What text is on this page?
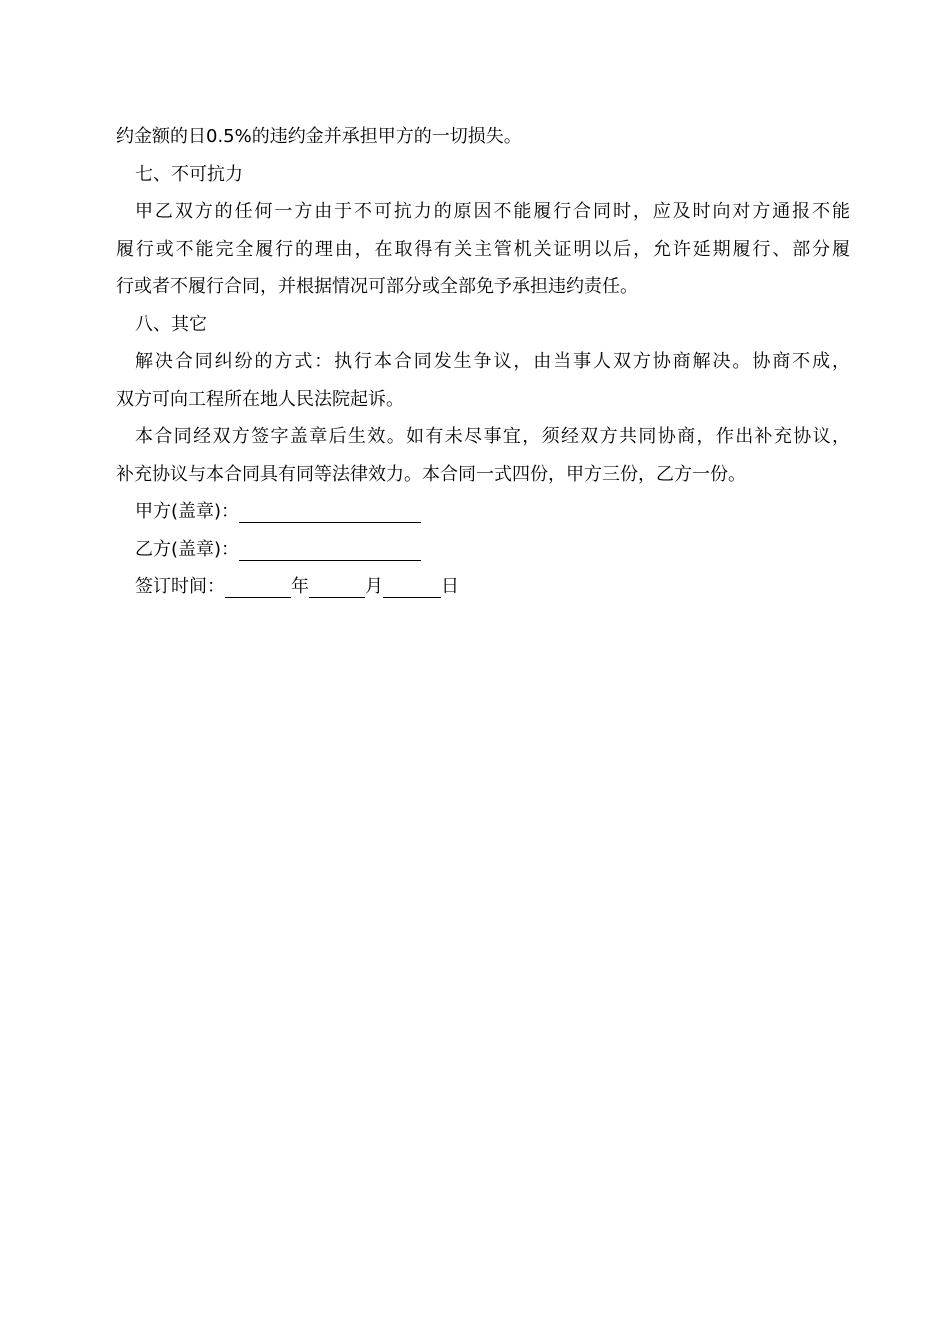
约金额的日0.5%的违约金并承担甲方的一切损失。
七、不可抗力
甲乙双方的任何一方由于不可抗力的原因不能履行合同时，应及时向对方通报不能
履行或不能完全履行的理由，在取得有关主管机关证明以后，允许延期履行、部分履
行或者不履行合同，并根据情况可部分或全部免予承担违约责任。
八、其它
解决合同纠纷的方式：执行本合同发生争议，由当事人双方协商解决。协商不成，
双方可向工程所在地人民法院起诉。
本合同经双方签字盖章后生效。如有未尽事宜，须经双方共同协商，作出补充协议，
补充协议与本合同具有同等法律效力。本合同一式四份，甲方三份，乙方一份。
甲方(盖章)：
乙方(盖章)：
签订时间：	年	月	日
